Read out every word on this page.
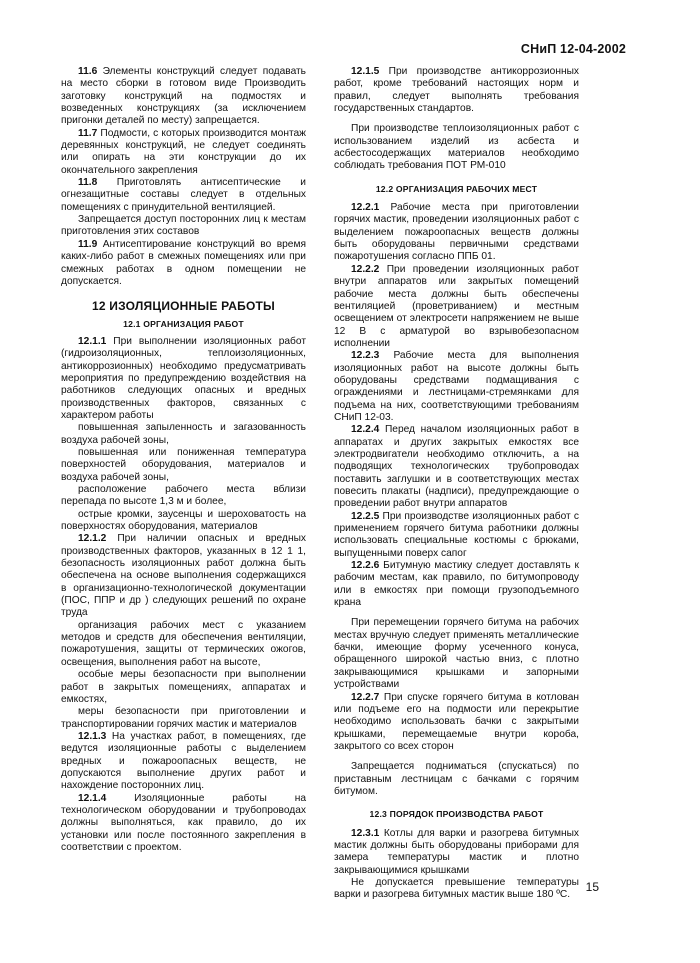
СНиП 12-04-2002

11.6 Элементы конструкций следует подавать на место сборки в готовом виде Производить заготовку конструкций на подмостях и возведенных конструкциях (за исключением пригонки деталей по месту) запрещается.

11.7 Подмости, с которых производится монтаж деревянных конструкций, не следует соединять или опирать на эти конструкции до их окончательного закрепления

11.8 Приготовлять антисептические и огнезащитные составы следует в отдельных помещениях с принудительной вентиляцией.

Запрещается доступ посторонних лиц к местам приготовления этих составов

11.9 Антисептирование конструкций во время каких-либо работ в смежных помещениях или при смежных работах в одном помещении не допускается.

12 ИЗОЛЯЦИОННЫЕ РАБОТЫ
12.1 ОРГАНИЗАЦИЯ РАБОТ

12.1.1 При выполнении изоляционных работ (гидроизоляционных, теплоизоляционных, антикоррозионных) необходимо предусматривать мероприятия по предупреждению воздействия на работников следующих опасных и вредных производственных факторов, связанных с характером работы

повышенная запыленность и загазованность воздуха рабочей зоны,

повышенная или пониженная температура поверхностей оборудования, материалов и воздуха рабочей зоны,

расположение рабочего места вблизи перепада по высоте 1,3 м и более,

острые кромки, заусенцы и шероховатость на поверхностях оборудования, материалов

12.1.2 При наличии опасных и вредных производственных факторов, указанных в 12 1 1, безопасность изоляционных работ должна быть обеспечена на основе выполнения содержащихся в организационно-технологической документации (ПОС, ППР и др ) следующих решений по охране труда

организация рабочих мест с указанием методов и средств для обеспечения вентиляции, пожаротушения, защиты от термических ожогов, освещения, выполнения работ на высоте,

особые меры безопасности при выполнении работ в закрытых помещениях, аппаратах и емкостях,

меры безопасности при приготовлении и транспортировании горячих мастик и материалов

12.1.3 На участках работ, в помещениях, где ведутся изоляционные работы с выделением вредных и пожароопасных веществ, не допускаются выполнение других работ и нахождение посторонних лиц.

12.1.4 Изоляционные работы на технологическом оборудовании и трубопроводах должны выполняться, как правило, до их установки или после постоянного закрепления в соответствии с проектом.

12.1.5 При производстве антикоррозионных работ, кроме требований настоящих норм и правил, следует выполнять требования государственных стандартов.

При производстве теплоизоляционных работ с использованием изделий из асбеста и асбестосодержащих материалов необходимо соблюдать требования ПОТ РМ-010

12.2 ОРГАНИЗАЦИЯ РАБОЧИХ МЕСТ

12.2.1 Рабочие места при приготовлении горячих мастик, проведении изоляционных работ с выделением пожароопасных веществ должны быть оборудованы первичными средствами пожаротушения согласно ППБ 01.

12.2.2 При проведении изоляционных работ внутри аппаратов или закрытых помещений рабочие места должны быть обеспечены вентиляцией (проветриванием) и местным освещением от электросети напряжением не выше 12 В с арматурой во взрывобезопасном исполнении

12.2.3 Рабочие места для выполнения изоляционных работ на высоте должны быть оборудованы средствами подмащивания с ограждениями и лестницами-стремянками для подъема на них, соответствующими требованиям СНиП 12-03.

12.2.4 Перед началом изоляционных работ в аппаратах и других закрытых емкостях все электродвигатели необходимо отключить, а на подводящих технологических трубопроводах поставить заглушки и в соответствующих местах повесить плакаты (надписи), предупреждающие о проведении работ внутри аппаратов

12.2.5 При производстве изоляционных работ с применением горячего битума работники должны использовать специальные костюмы с брюками, выпущенными поверх сапог

12.2.6 Битумную мастику следует доставлять к рабочим местам, как правило, по битумопроводу или в емкостях при помощи грузоподъемного крана

При перемещении горячего битума на рабочих местах вручную следует применять металлические бачки, имеющие форму усеченного конуса, обращенного широкой частью вниз, с плотно закрывающимися крышками и запорными устройствами

12.2.7 При спуске горячего битума в котлован или подъеме его на подмости или перекрытие необходимо использовать бачки с закрытыми крышками, перемещаемые внутри короба, закрытого со всех сторон

Запрещается подниматься (спускаться) по приставным лестницам с бачками с горячим битумом.

12.3 ПОРЯДОК ПРОИЗВОДСТВА РАБОТ

12.3.1 Котлы для варки и разогрева битумных мастик должны быть оборудованы приборами для замера температуры мастик и плотно закрывающимися крышками

Не допускается превышение температуры варки и разогрева битумных мастик выше 180 ºС.

15
